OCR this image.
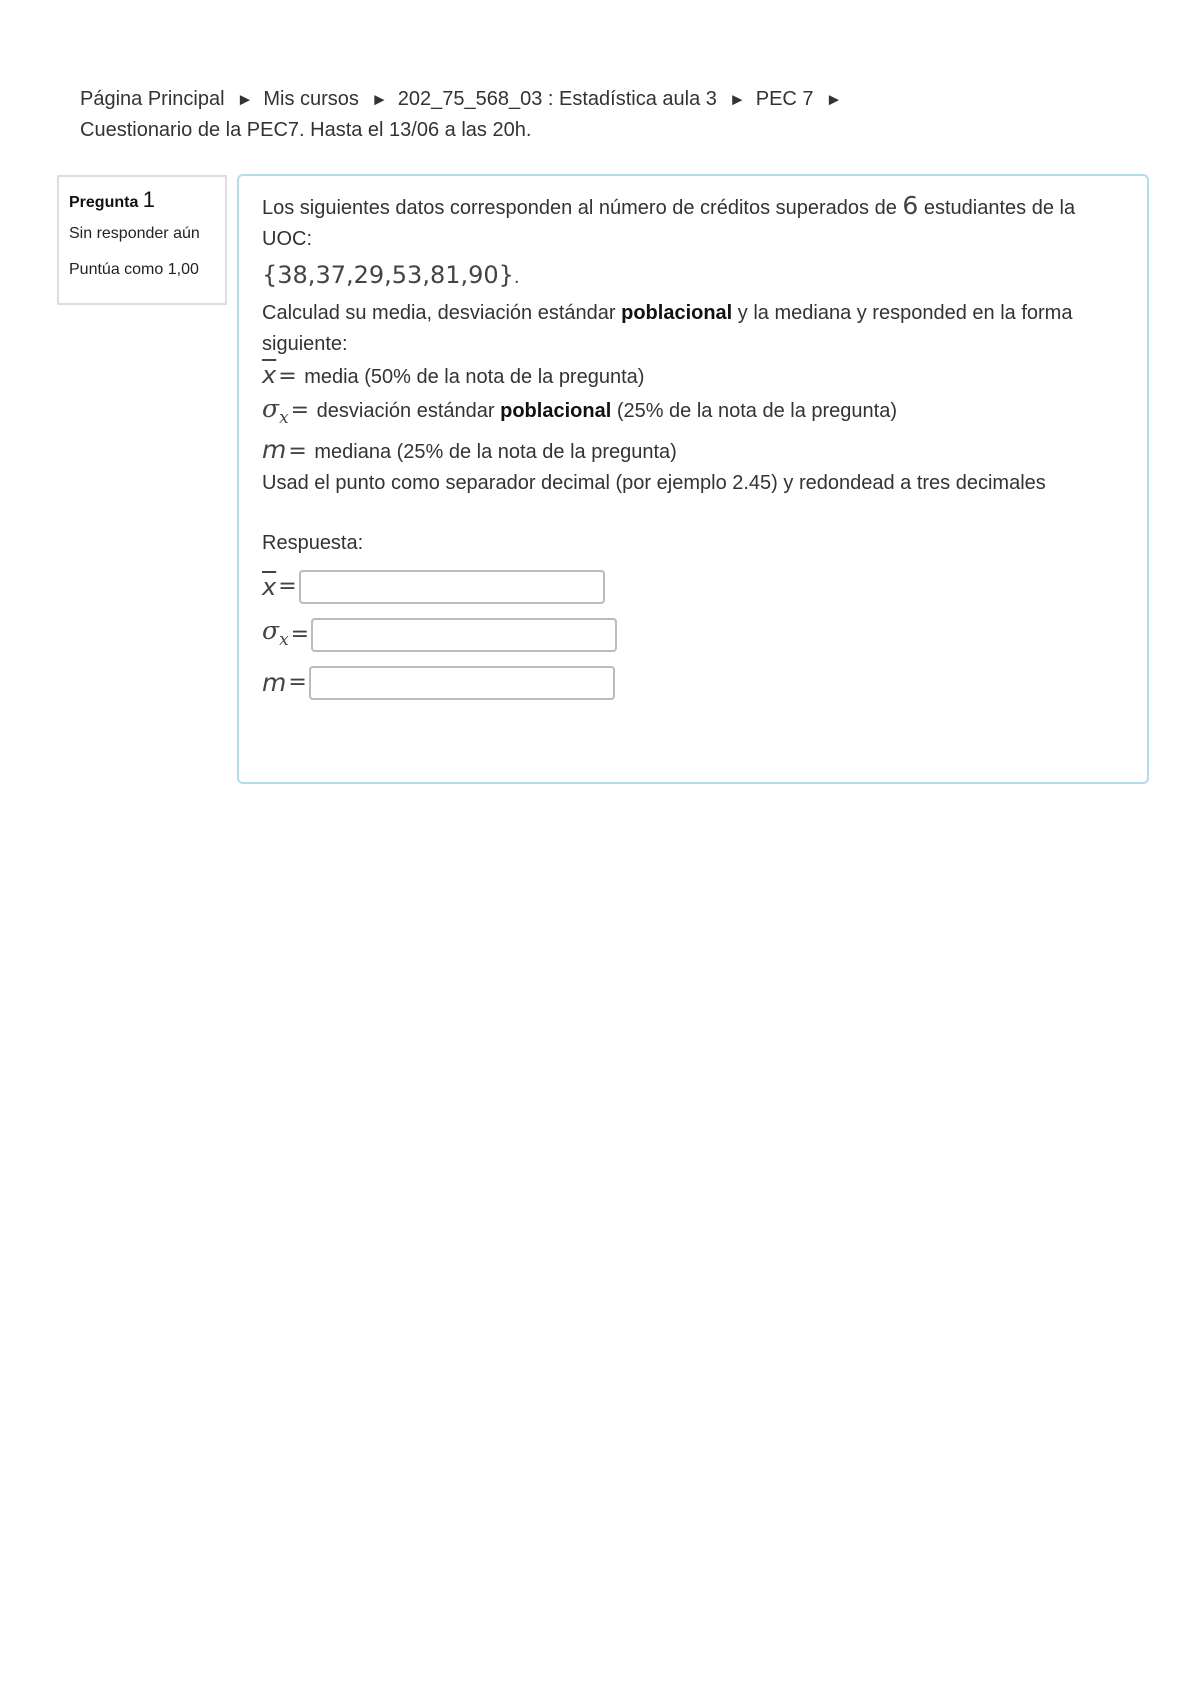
Página Principal ► Mis cursos ► 202_75_568_03 : Estadística aula 3 ► PEC 7 ►
Cuestionario de la PEC7. Hasta el 13/06 a las 20h.
Pregunta 1
Sin responder aún
Puntúa como 1,00

Los siguientes datos corresponden al número de créditos superados de 6 estudiantes de la UOC:

{38,37,29,53,81,90}.

Calculad su media, desviación estándar poblacional y la mediana y responded en la forma siguiente:

$\overline{x}=$ media (50% de la nota de la pregunta)

$\sigma_x=$ desviación estándar poblacional (25% de la nota de la pregunta)

m= mediana (25% de la nota de la pregunta)

Usad el punto como separador decimal (por ejemplo 2.45) y redondead a tres decimales

Respuesta:
$\overline{x}$ =
$\sigma_x$ =
m =
